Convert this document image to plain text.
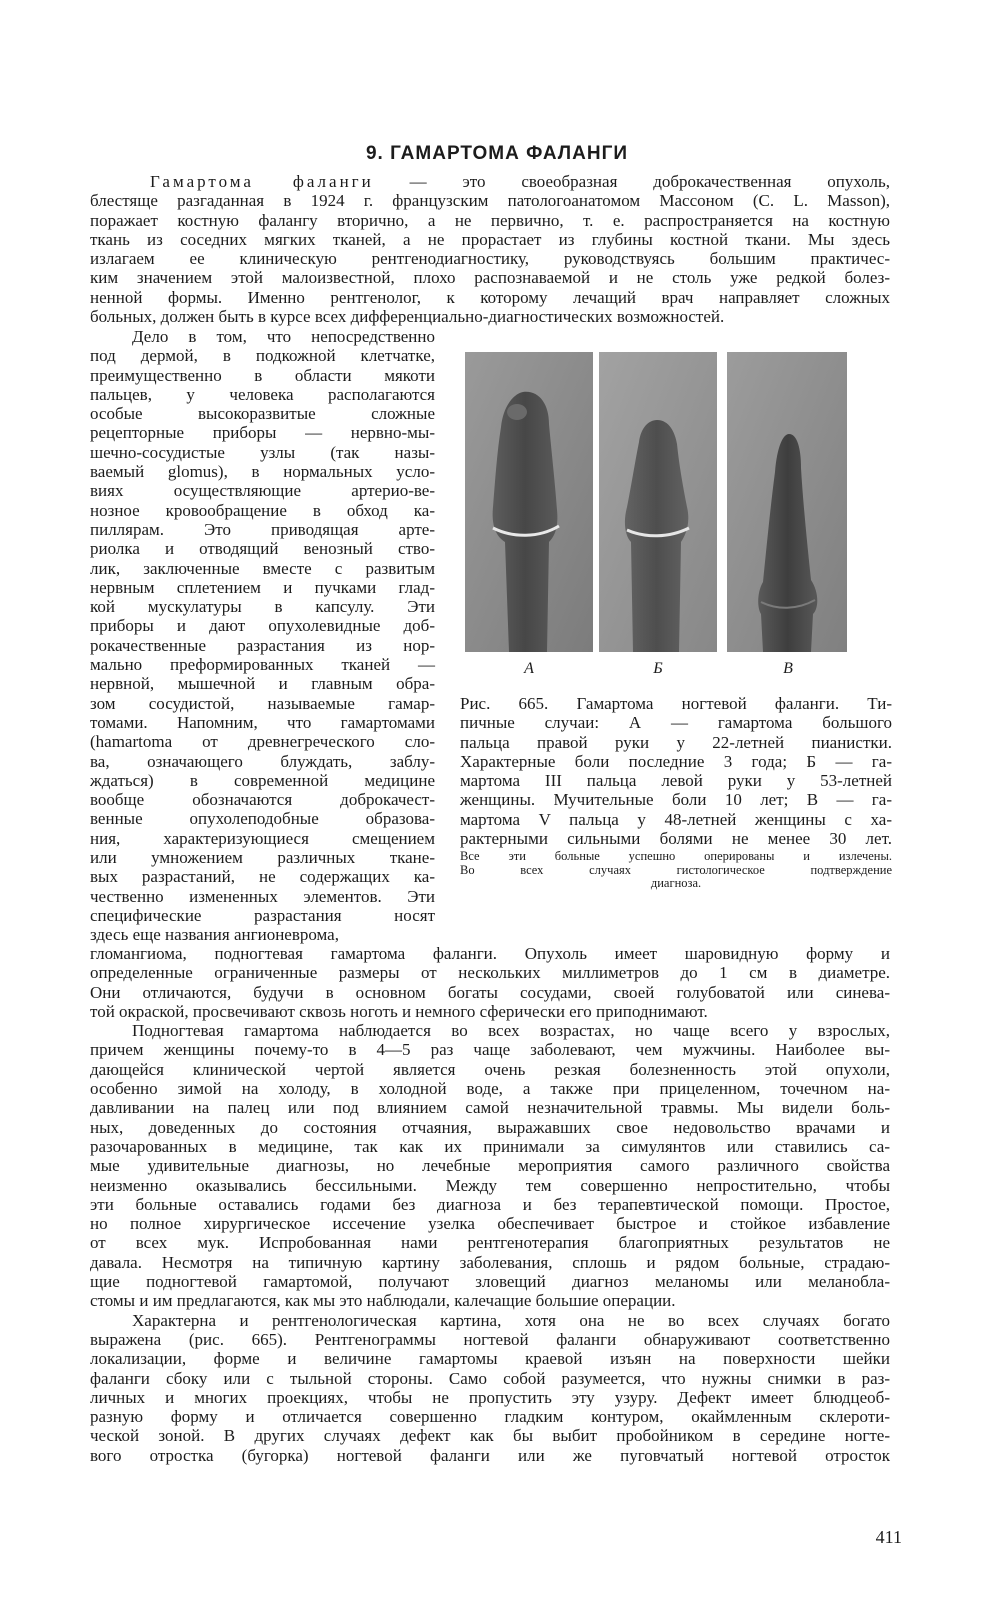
9. ГАМАРТОМА ФАЛАНГИ
Гамартома фаланги — это своеобразная доброкачественная опухоль,
блестяще разгаданная в 1924 г. французским патологоанатомом Массоном (C. L. Masson),
поражает костную фалангу вторично, а не первично, т. е. распространяется на костную
ткань из соседних мягких тканей, а не прорастает из глубины костной ткани. Мы здесь
излагаем ее клиническую рентгенодиагностику, руководствуясь большим практичес-
ким значением этой малоизвестной, плохо распознаваемой и не столь уже редкой болез-
ненной формы. Именно рентгенолог, к которому лечащий врач направляет сложных
больных, должен быть в курсе всех дифференциально-диагностических возможностей.
Дело в том, что непосредственно
под дермой, в подкожной клетчатке,
преимущественно в области мякоти
пальцев, у человека располагаются
особые высокоразвитые сложные
рецепторные приборы — нервно-мы-
шечно-сосудистые узлы (так назы-
ваемый glomus), в нормальных усло-
виях осуществляющие артерио-ве-
нозное кровообращение в обход ка-
пиллярам. Это приводящая арте-
риолка и отводящий венозный ство-
лик, заключенные вместе с развитым
нервным сплетением и пучками глад-
кой мускулатуры в капсулу. Эти
приборы и дают опухолевидные доб-
рокачественные разрастания из нор-
мально преформированных тканей —
нервной, мышечной и главным обра-
зом сосудистой, называемые гамар-
томами. Напомним, что гамартомами
(hamartoma от древнегреческого сло-
ва, означающего блуждать, заблу-
ждаться) в современной медицине
вообще обозначаются доброкачест-
венные опухолеподобные образова-
ния, характеризующиеся смещением
или умножением различных тканe-
вых разрастаний, не содержащих ка-
чественно измененных элементов. Эти
специфические разрастания носят
здесь еще названия ангионеврома,
А	Б	В
Рис. 665. Гамартома ногтевой фаланги. Ти-
пичные случаи: А — гамартома большого
пальца правой руки у 22-летней пианистки.
Характерные боли последние 3 года; Б — га-
мартома III пальца левой руки у 53-летней
женщины. Мучительные боли 10 лет; В — га-
мартома V пальца у 48-летней женщины с ха-
рактерными сильными болями не менее 30 лет.
Все эти больные успешно оперированы и излечены.
Во всех случаях гистологическое подтверждение
диагноза.
гломангиома, подногтевая гамартома фаланги. Опухоль имеет шаровидную форму и
определенные ограниченные размеры от нескольких миллиметров до 1 см в диаметре.
Они отличаются, будучи в основном богаты сосудами, своей голубоватой или синева-
той окраской, просвечивают сквозь ноготь и немного сферически его приподнимают.
Подногтевая гамартома наблюдается во всех возрастах, но чаще всего у взрослых,
причем женщины почему-то в 4—5 раз чаще заболевают, чем мужчины. Наиболее вы-
дающейся клинической чертой является очень резкая болезненность этой опухоли,
особенно зимой на холоду, в холодной воде, а также при прицеленном, точечном на-
давливании на палец или под влиянием самой незначительной травмы. Мы видели боль-
ных, доведенных до состояния отчаяния, выражавших свое недовольство врачами и
разочарованных в медицине, так как их принимали за симулянтов или ставились са-
мые удивительные диагнозы, но лечебные мероприятия самого различного свойства
неизменно оказывались бессильными. Между тем совершенно непростительно, чтобы
эти больные оставались годами без диагноза и без терапевтической помощи. Простое,
но полное хирургическое иссечение узелка обеспечивает быстрое и стойкое избавление
от всех мук. Испробованная нами рентгенотерапия благоприятных результатов не
давала. Несмотря на типичную картину заболевания, сплошь и рядом больные, страдаю-
щие подногтевой гамартомой, получают зловещий диагноз меланомы или меланобла-
стомы и им предлагаются, как мы это наблюдали, калечащие большие операции.
Характерна и рентгенологическая картина, хотя она не во всех случаях богато
выражена (рис. 665). Рентгенограммы ногтевой фаланги обнаруживают соответственно
локализации, форме и величине гамартомы краевой изъян на поверхности шейки
фаланги сбоку или с тыльной стороны. Само собой разумеется, что нужны снимки в раз-
личных и многих проекциях, чтобы не пропустить эту узуру. Дефект имеет блюдцеоб-
разную форму и отличается совершенно гладким контуром, окаймленным склероти-
ческой зоной. В других случаях дефект как бы выбит пробойником в середине ногте-
вого отростка (бугорка) ногтевой фаланги или же пуговчатый ногтевой отросток
411
